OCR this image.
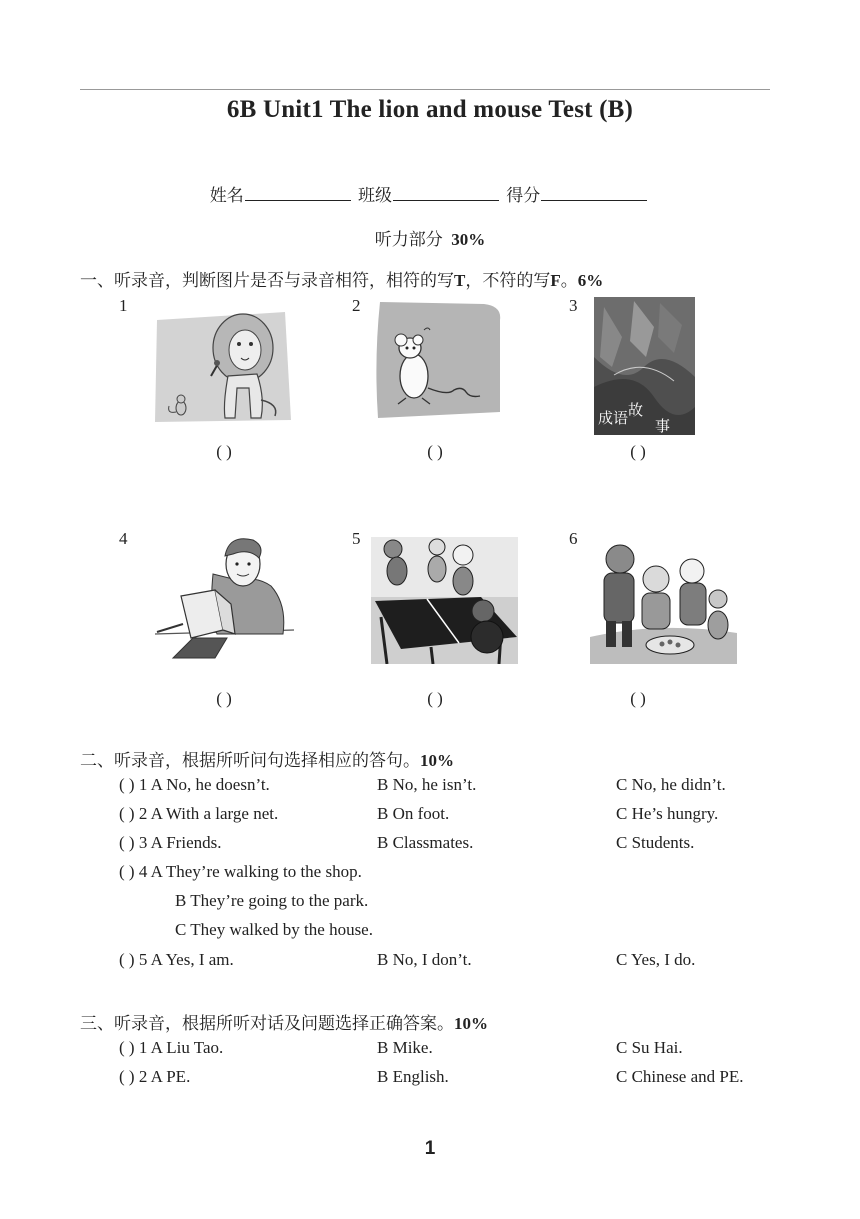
6B Unit1 The lion and mouse Test (B)
姓名	班级	得分
听力部分 30%
一、听录音，判断图片是否与录音相符，相符的写T，不符的写F。6%
1	2	3
4	5	6
成语故
事
( )	( )	( )
( )	( )	( )
二、听录音，根据所听问句选择相应的答句。10%
( ) 1 A No, he doesn’t.	B No, he isn’t.	C No, he didn’t.
( ) 2 A With a large net.	B On foot.	C He’s hungry.
( ) 3 A Friends.	B Classmates.	C Students.
( ) 4 A They’re walking to the shop.
B They’re going to the park.
C They walked by the house.
( ) 5 A Yes, I am.	B No, I don’t.	C Yes, I do.
三、听录音，根据所听对话及问题选择正确答案。10%
( ) 1 A Liu Tao.	B Mike.	C Su Hai.
( ) 2 A PE.	B English.	C Chinese and PE.
1
